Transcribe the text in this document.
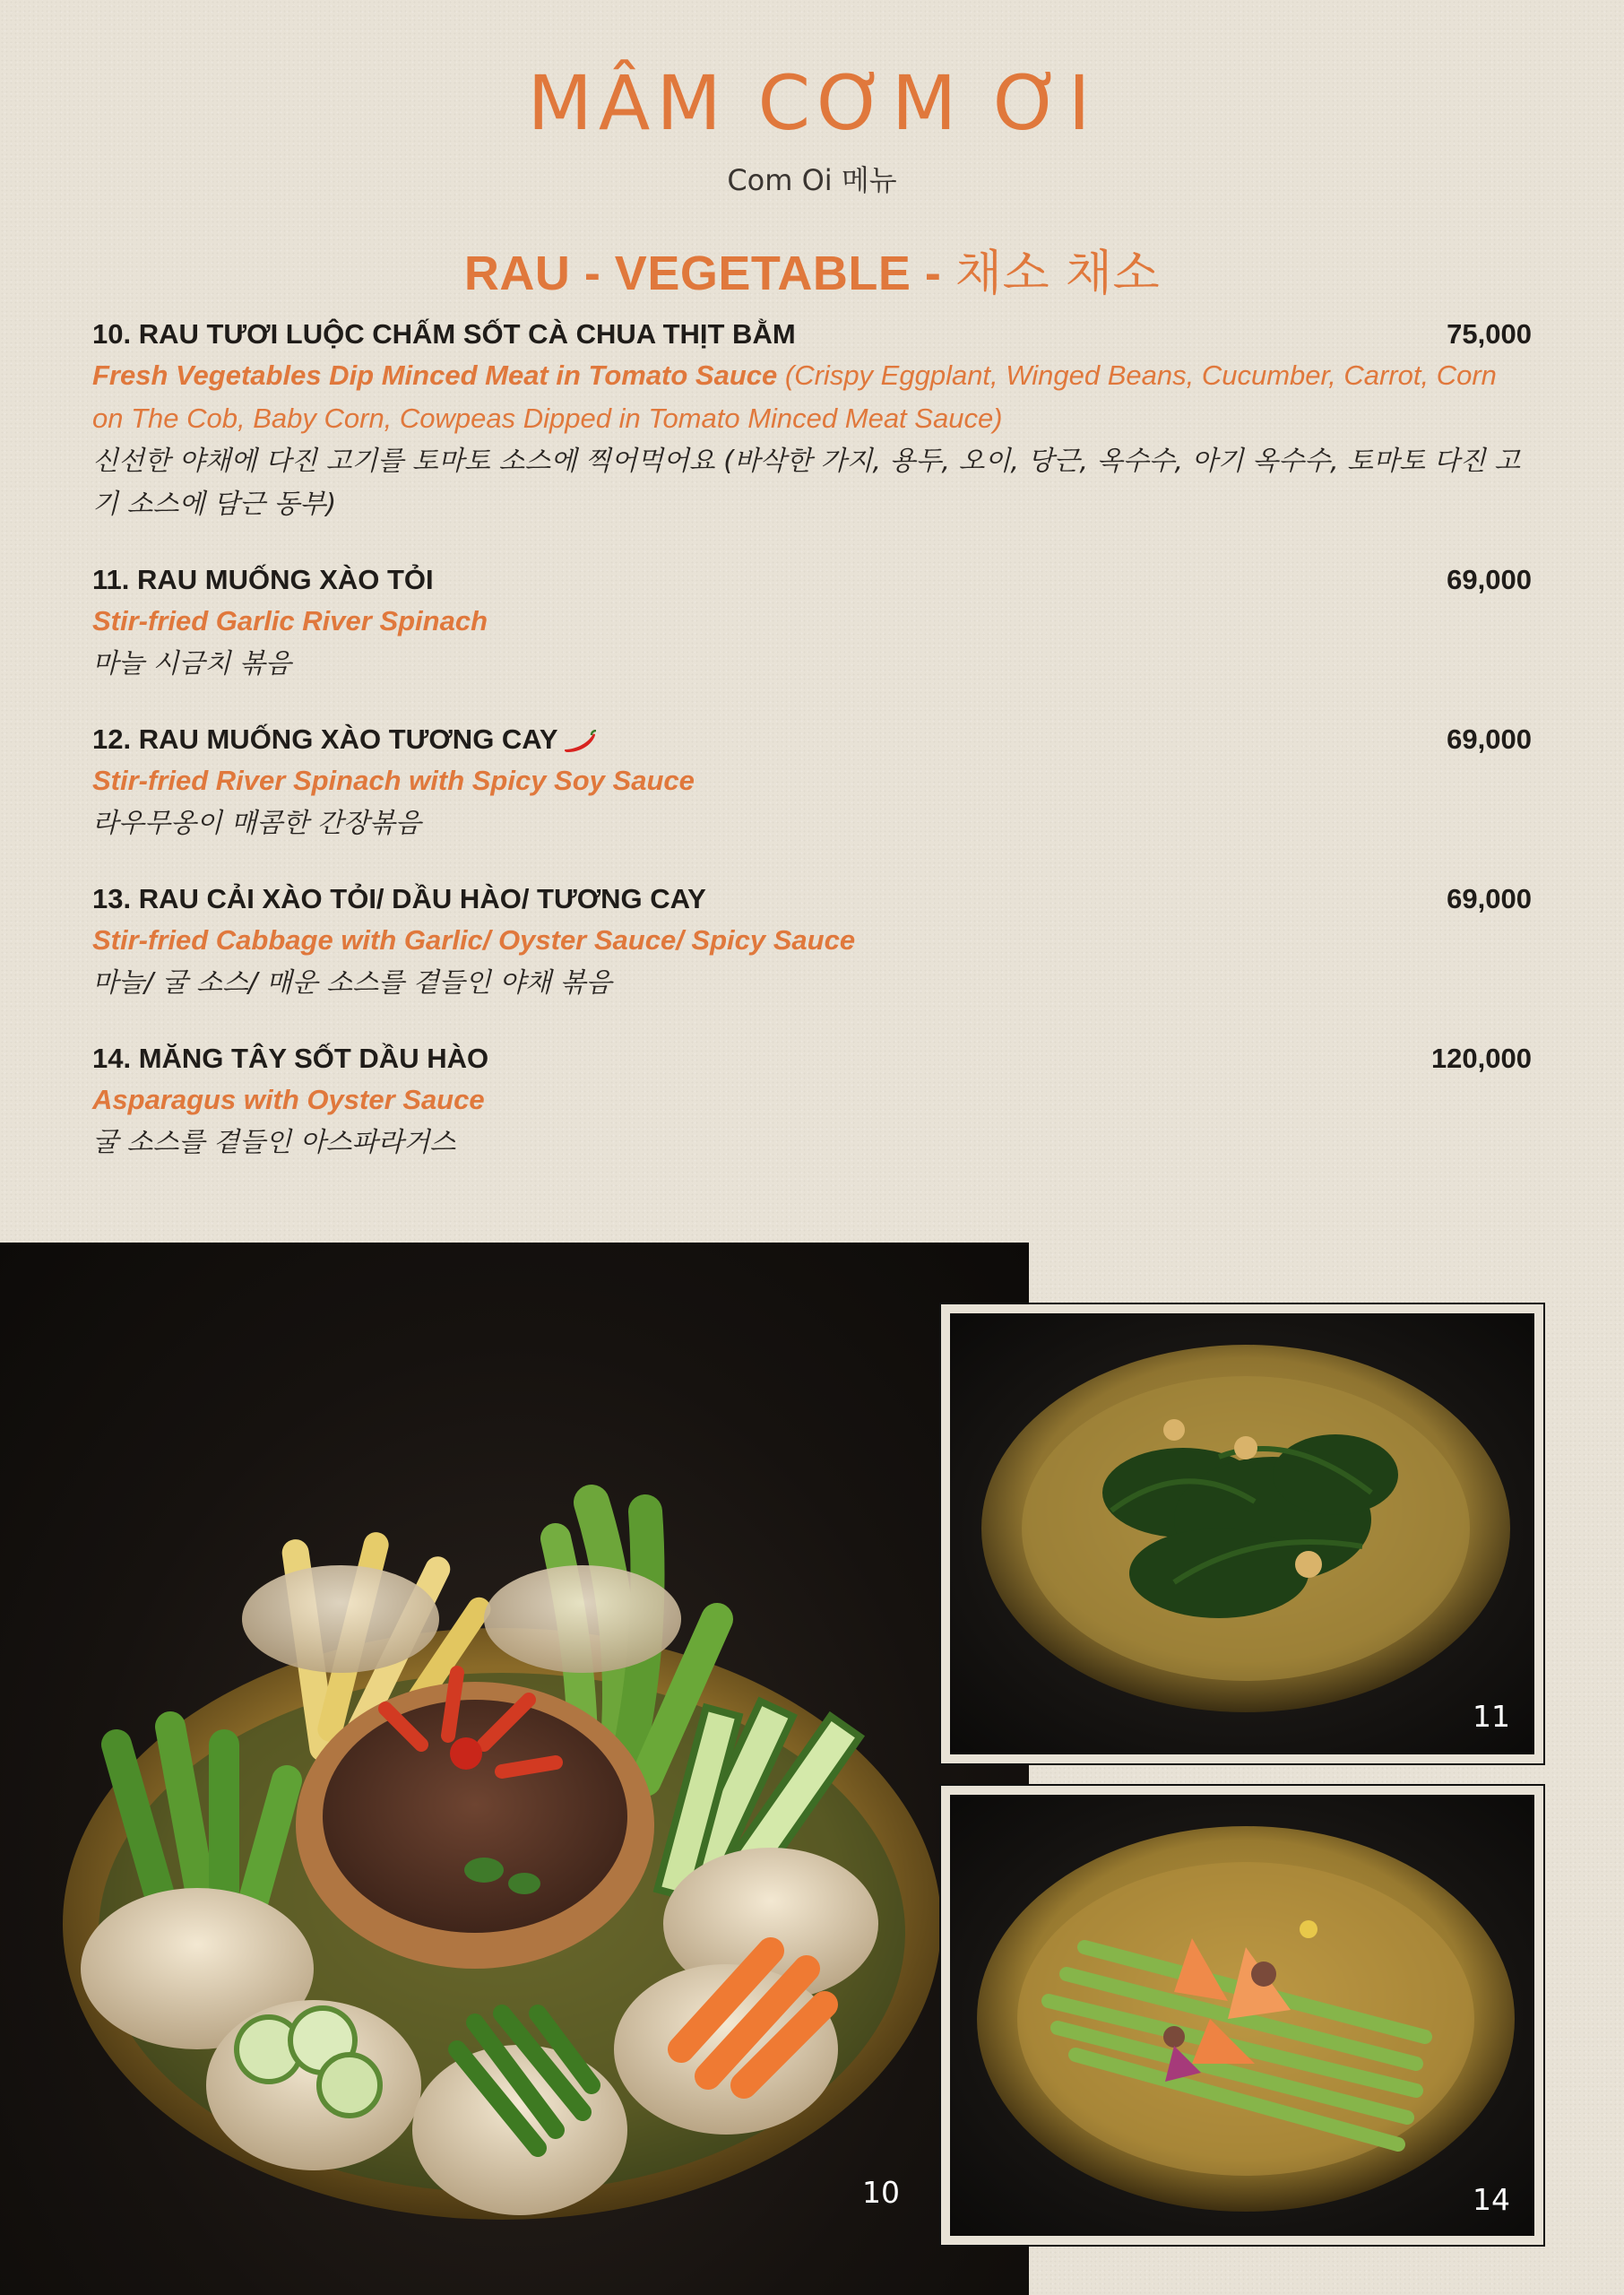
MÂM CƠM ƠI
Com Oi 메뉴
RAU - VEGETABLE - 채소 채소
10. RAU TƯƠI LUỘC CHẤM SỐT CÀ CHUA THỊT BẰM	75,000
Fresh Vegetables Dip Minced Meat in Tomato Sauce (Crispy Eggplant, Winged Beans, Cucumber, Carrot, Corn on The Cob, Baby Corn, Cowpeas Dipped in Tomato Minced Meat Sauce)
신선한 야채에 다진 고기를 토마토 소스에 찍어먹어요 (바삭한 가지, 용두, 오이, 당근, 옥수수, 아기 옥수수, 토마토 다진 고기 소스에 담근 동부)
11. RAU MUỐNG XÀO TỎI	69,000
Stir-fried Garlic River Spinach
마늘 시금치 볶음
12. RAU MUỐNG XÀO TƯƠNG CAY	69,000
Stir-fried River Spinach with Spicy Soy Sauce
라우무옹이 매콤한 간장볶음
13. RAU CẢI XÀO TỎI/ DẦU HÀO/ TƯƠNG CAY	69,000
Stir-fried Cabbage with Garlic/ Oyster Sauce/ Spicy Sauce
마늘/ 굴 소스/ 매운 소스를 곁들인 야채 볶음
14. MĂNG TÂY SỐT DẦU HÀO	120,000
Asparagus with Oyster Sauce
굴 소스를 곁들인 아스파라거스
10
11
14
